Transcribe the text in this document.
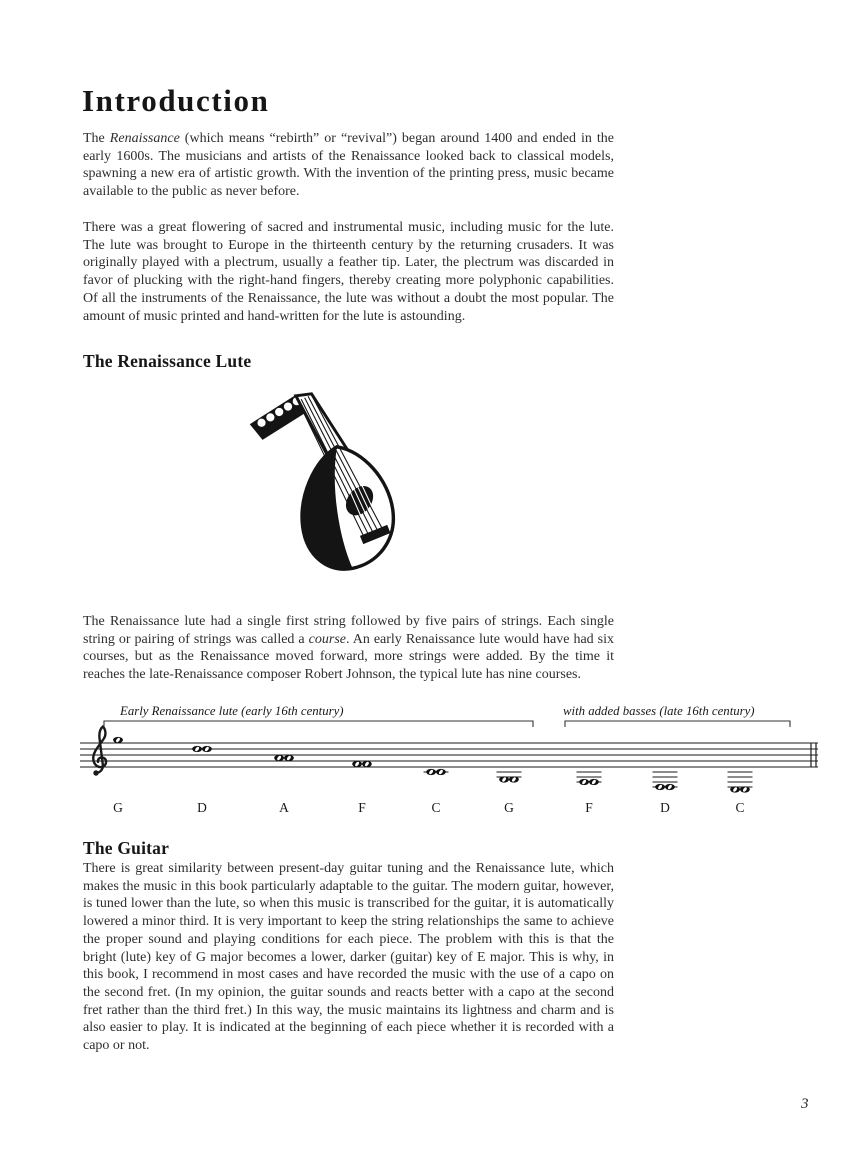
Introduction

The Renaissance (which means “rebirth” or “revival”) began around 1400 and ended in the early 1600s. The musicians and artists of the Renaissance looked back to classical models, spawning a new era of artistic growth. With the invention of the printing press, music became available to the public as never before.

There was a great flowering of sacred and instrumental music, including music for the lute. The lute was brought to Europe in the thirteenth century by the returning crusaders. It was originally played with a plectrum, usually a feather tip. Later, the plectrum was discarded in favor of plucking with the right-hand fingers, thereby creating more polyphonic capabilities. Of all the instruments of the Renaissance, the lute was without a doubt the most popular. The amount of music printed and hand-written for the lute is astounding.

The Renaissance Lute

The Renaissance lute had a single first string followed by five pairs of strings. Each single string or pairing of strings was called a course. An early Renaissance lute would have had six courses, but as the Renaissance moved forward, more strings were added. By the time it reaches the late-Renaissance composer Robert Johnson, the typical lute has nine courses.

Early Renaissance lute (early 16th century)	with added basses (late 16th century)
G	D	A	F	C	G	F	D	C
The Guitar

There is great similarity between present-day guitar tuning and the Renaissance lute, which makes the music in this book particularly adaptable to the guitar. The modern guitar, however, is tuned lower than the lute, so when this music is transcribed for the guitar, it is automatically lowered a minor third. It is very important to keep the string relationships the same to achieve the proper sound and playing conditions for each piece. The problem with this is that the bright (lute) key of G major becomes a lower, darker (guitar) key of E major. This is why, in this book, I recommend in most cases and have recorded the music with the use of a capo on the second fret. (In my opinion, the guitar sounds and reacts better with a capo at the second fret rather than the third fret.) In this way, the music maintains its lightness and charm and is also easier to play. It is indicated at the beginning of each piece whether it is recorded with a capo or not.

3
